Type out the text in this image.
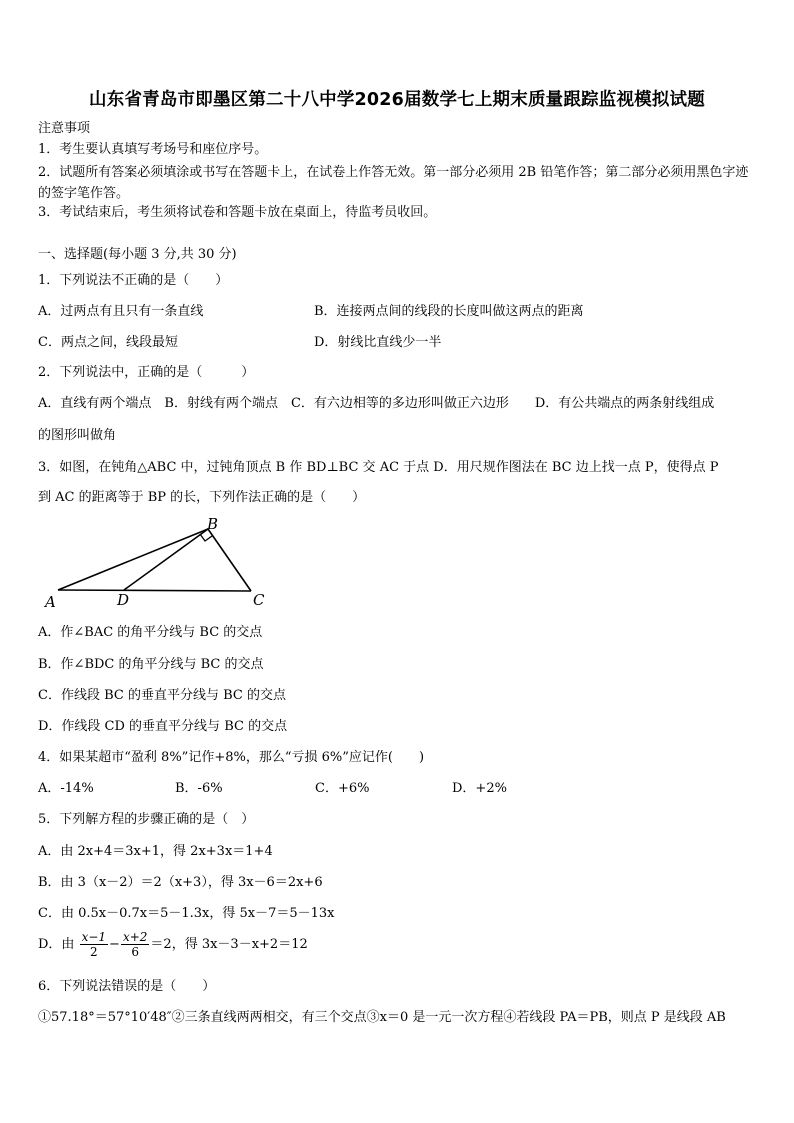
山东省青岛市即墨区第二十八中学2026届数学七上期末质量跟踪监视模拟试题
注意事项
1．考生要认真填写考场号和座位序号。
2．试题所有答案必须填涂或书写在答题卡上，在试卷上作答无效。第一部分必须用 2B 铅笔作答；第二部分必须用黑色字迹的签字笔作答。
3．考试结束后，考生须将试卷和答题卡放在桌面上，待监考员收回。
一、选择题(每小题 3 分,共 30 分)
1．下列说法不正确的是（　　）
A．过两点有且只有一条直线	B．连接两点间的线段的长度叫做这两点的距离
C．两点之间，线段最短	D．射线比直线少一半
2．下列说法中，正确的是（　　　）
A．直线有两个端点　B．射线有两个端点　C．有六边相等的多边形叫做正六边形　　D．有公共端点的两条射线组成
的图形叫做角
3．如图，在钝角△ABC 中，过钝角顶点 B 作 BD⊥BC 交 AC 于点 D．用尺规作图法在 BC 边上找一点 P，使得点 P
到 AC 的距离等于 BP 的长，下列作法正确的是（　　）
A
B
C
D
A．作∠BAC 的角平分线与 BC 的交点
B．作∠BDC 的角平分线与 BC 的交点
C．作线段 BC 的垂直平分线与 BC 的交点
D．作线段 CD 的垂直平分线与 BC 的交点
4．如果某超市“盈利 8%”记作+8%，那么“亏损 6%”应记作(　　)
A．-14%	B．-6%	C．+6%	D．+2%
5．下列解方程的步骤正确的是（　）
A．由 2x+4＝3x+1，得 2x+3x＝1+4
B．由 3（x－2）＝2（x+3），得 3x－6＝2x+6
C．由 0.5x－0.7x＝5－1.3x，得 5x－7＝5－13x
D．由 $\frac{x-1}{2} - \frac{x+2}{6} =2$，得 3x－3－x+2＝12
6．下列说法错误的是（　　）
①57.18°＝57°10′48″②三条直线两两相交，有三个交点③x＝0 是一元一次方程④若线段 PA＝PB，则点 P 是线段 AB
